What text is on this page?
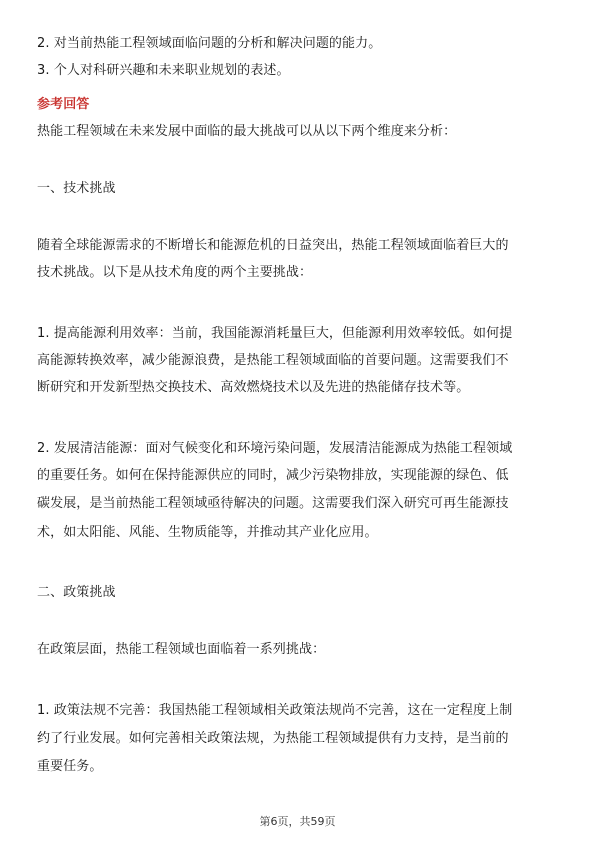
2. 对当前热能工程领域面临问题的分析和解决问题的能力。
3. 个人对科研兴趣和未来职业规划的表述。
参考回答
热能工程领域在未来发展中面临的最大挑战可以从以下两个维度来分析：
一、技术挑战
随着全球能源需求的不断增长和能源危机的日益突出，热能工程领域面临着巨大的
技术挑战。以下是从技术角度的两个主要挑战：
1. 提高能源利用效率：当前，我国能源消耗量巨大，但能源利用效率较低。如何提
高能源转换效率，减少能源浪费，是热能工程领域面临的首要问题。这需要我们不
断研究和开发新型热交换技术、高效燃烧技术以及先进的热能储存技术等。
2. 发展清洁能源：面对气候变化和环境污染问题，发展清洁能源成为热能工程领域
的重要任务。如何在保持能源供应的同时，减少污染物排放，实现能源的绿色、低
碳发展，是当前热能工程领域亟待解决的问题。这需要我们深入研究可再生能源技
术，如太阳能、风能、生物质能等，并推动其产业化应用。
二、政策挑战
在政策层面，热能工程领域也面临着一系列挑战：
1. 政策法规不完善：我国热能工程领域相关政策法规尚不完善，这在一定程度上制
约了行业发展。如何完善相关政策法规，为热能工程领域提供有力支持，是当前的
重要任务。
第6页，共59页
